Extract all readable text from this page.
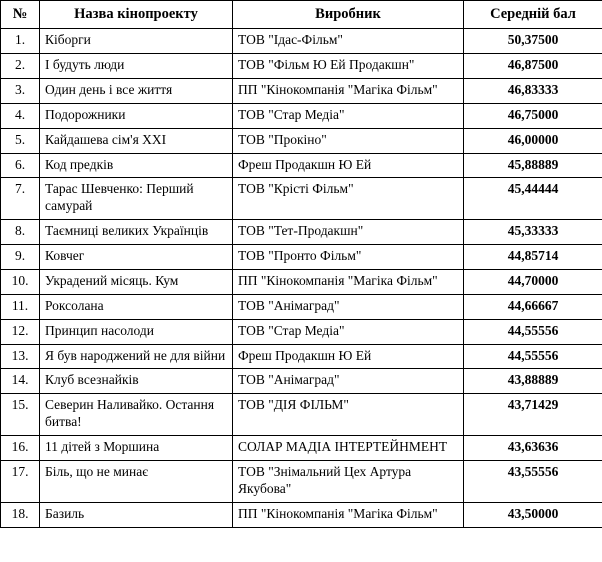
№	Назва кінопроекту	Виробник	Середній бал
1.	Кіборги	ТОВ "Ідас-Фільм"	50,37500
2.	І будуть люди	ТОВ "Фільм Ю Ей Продакшн"	46,87500
3.	Один день і все життя	ПП "Кінокомпанія "Магіка Фільм"	46,83333
4.	Подорожники	ТОВ "Стар Медіа"	46,75000
5.	Кайдашева сім'я XXI	ТОВ "Прокіно"	46,00000
6.	Код предків	Фреш Продакшн Ю Ей	45,88889
7.	Тарас Шевченко: Перший самурай	ТОВ "Крісті Фільм"	45,44444
8.	Таємниці великих Українців	ТОВ "Тет-Продакшн"	45,33333
9.	Ковчег	ТОВ "Пронто Фільм"	44,85714
10.	Украдений місяць. Кум	ПП "Кінокомпанія "Магіка Фільм"	44,70000
11.	Роксолана	ТОВ "Анімаград"	44,66667
12.	Принцип насолоди	ТОВ "Стар Медіа"	44,55556
13.	Я був народжений не для війни	Фреш Продакшн Ю Ей	44,55556
14.	Клуб всезнайків	ТОВ "Анімаград"	43,88889
15.	Северин Наливайко. Остання битва!	ТОВ "ДІЯ ФІЛЬМ"	43,71429
16.	11 дітей з Моршина	СОЛАР МАДІА ІНТЕРТЕЙНМЕНТ	43,63636
17.	Біль, що не минає	ТОВ "Знімальний Цех Артура Якубова"	43,55556
18.	Базиль	ПП "Кінокомпанія "Магіка Фільм"	43,50000
